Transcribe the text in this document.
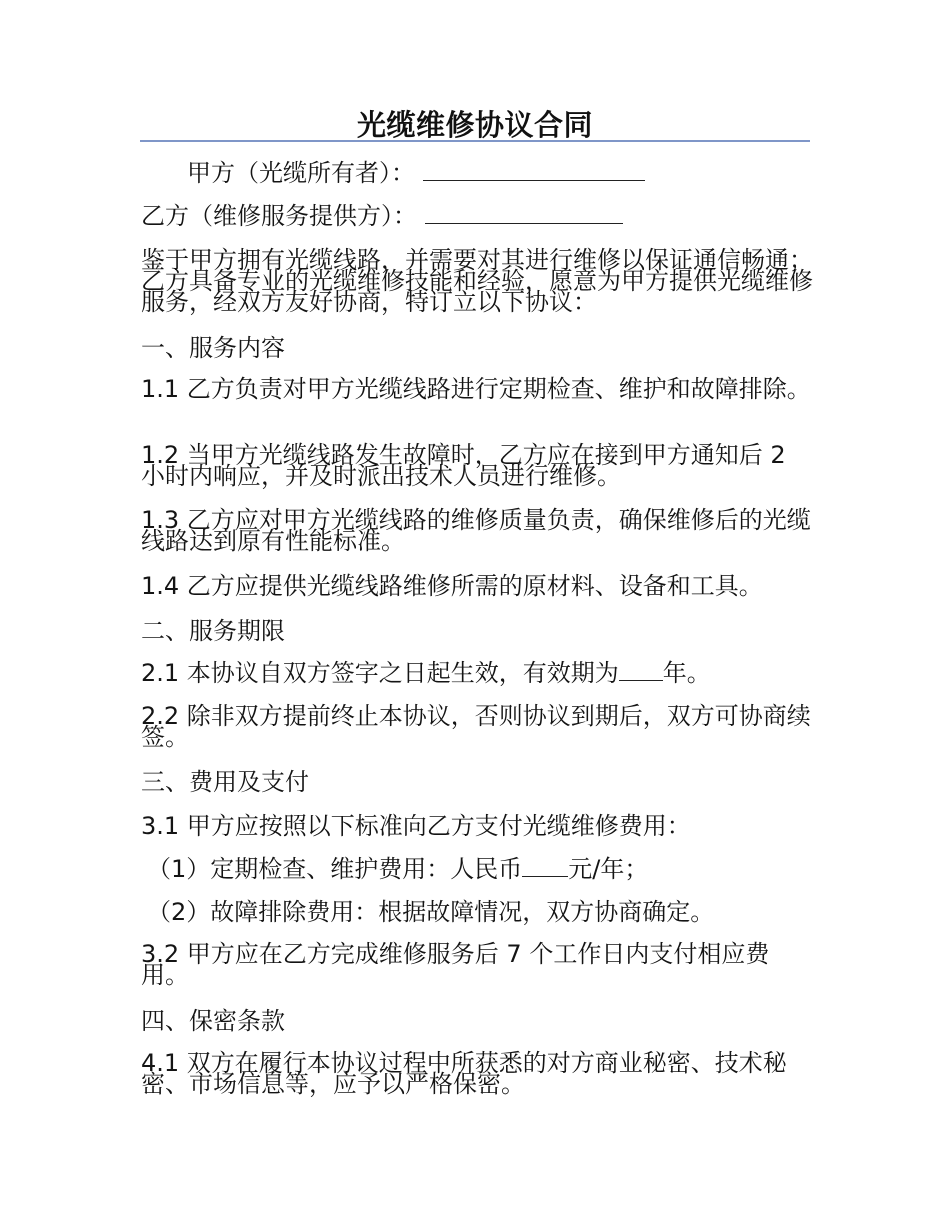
光缆维修协议合同
甲方（光缆所有者）：
乙方（维修服务提供方）：
鉴于甲方拥有光缆线路，并需要对其进行维修以保证通信畅通；乙方具备专业的光缆维修技能和经验，愿意为甲方提供光缆维修服务，经双方友好协商，特订立以下协议：
一、服务内容
1.1 乙方负责对甲方光缆线路进行定期检查、维护和故障排除。
1.2 当甲方光缆线路发生故障时，乙方应在接到甲方通知后 2 小时内响应，并及时派出技术人员进行维修。
1.3 乙方应对甲方光缆线路的维修质量负责，确保维修后的光缆线路达到原有性能标准。
1.4 乙方应提供光缆线路维修所需的原材料、设备和工具。
二、服务期限
2.1 本协议自双方签字之日起生效，有效期为 年。
2.2 除非双方提前终止本协议，否则协议到期后，双方可协商续签。
三、费用及支付
3.1 甲方应按照以下标准向乙方支付光缆维修费用：
（1）定期检查、维护费用：人民币 元/年；
（2）故障排除费用：根据故障情况，双方协商确定。
3.2 甲方应在乙方完成维修服务后 7 个工作日内支付相应费用。
四、保密条款
4.1 双方在履行本协议过程中所获悉的对方商业秘密、技术秘密、市场信息等，应予以严格保密。
